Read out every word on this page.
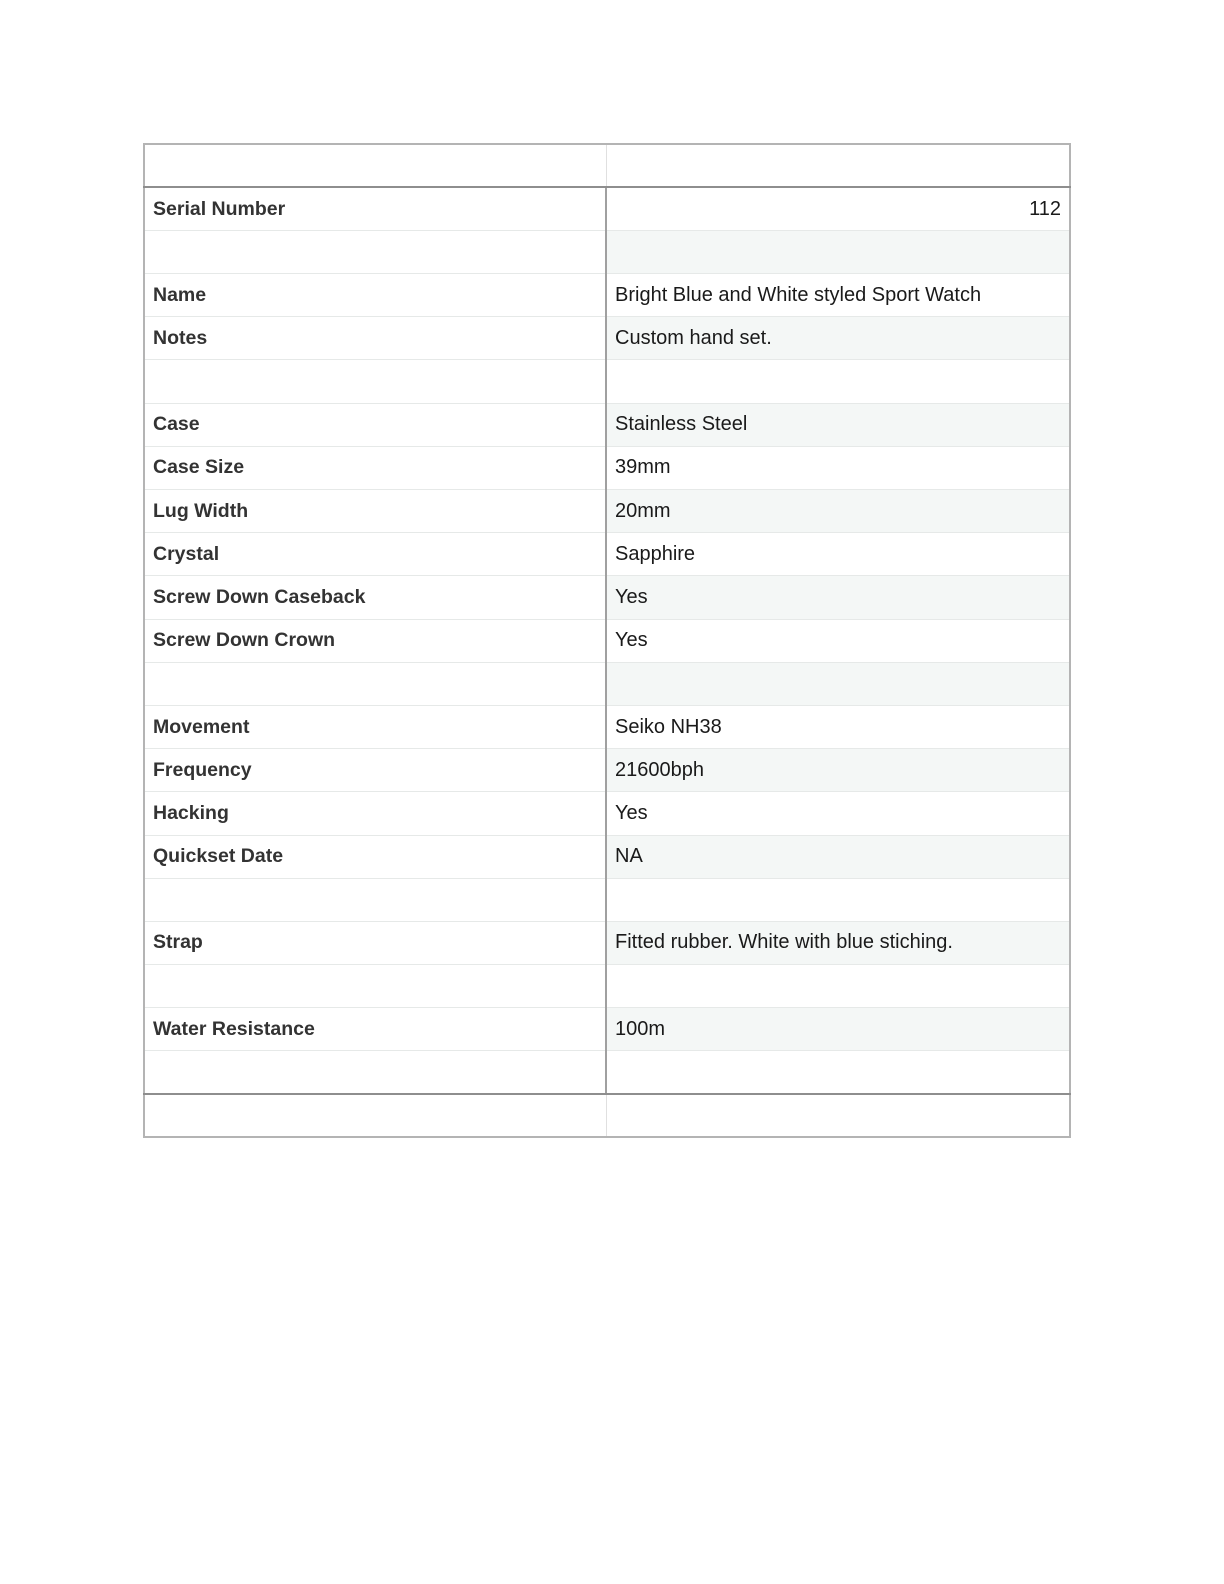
Serial Number	112

Name	Bright Blue and White styled Sport Watch
Notes	Custom hand set.

Case	Stainless Steel
Case Size	39mm
Lug Width	20mm
Crystal	Sapphire
Screw Down Caseback	Yes
Screw Down Crown	Yes

Movement	Seiko NH38
Frequency	21600bph
Hacking	Yes
Quickset Date	NA

Strap	Fitted rubber. White with blue stiching.

Water Resistance	100m
